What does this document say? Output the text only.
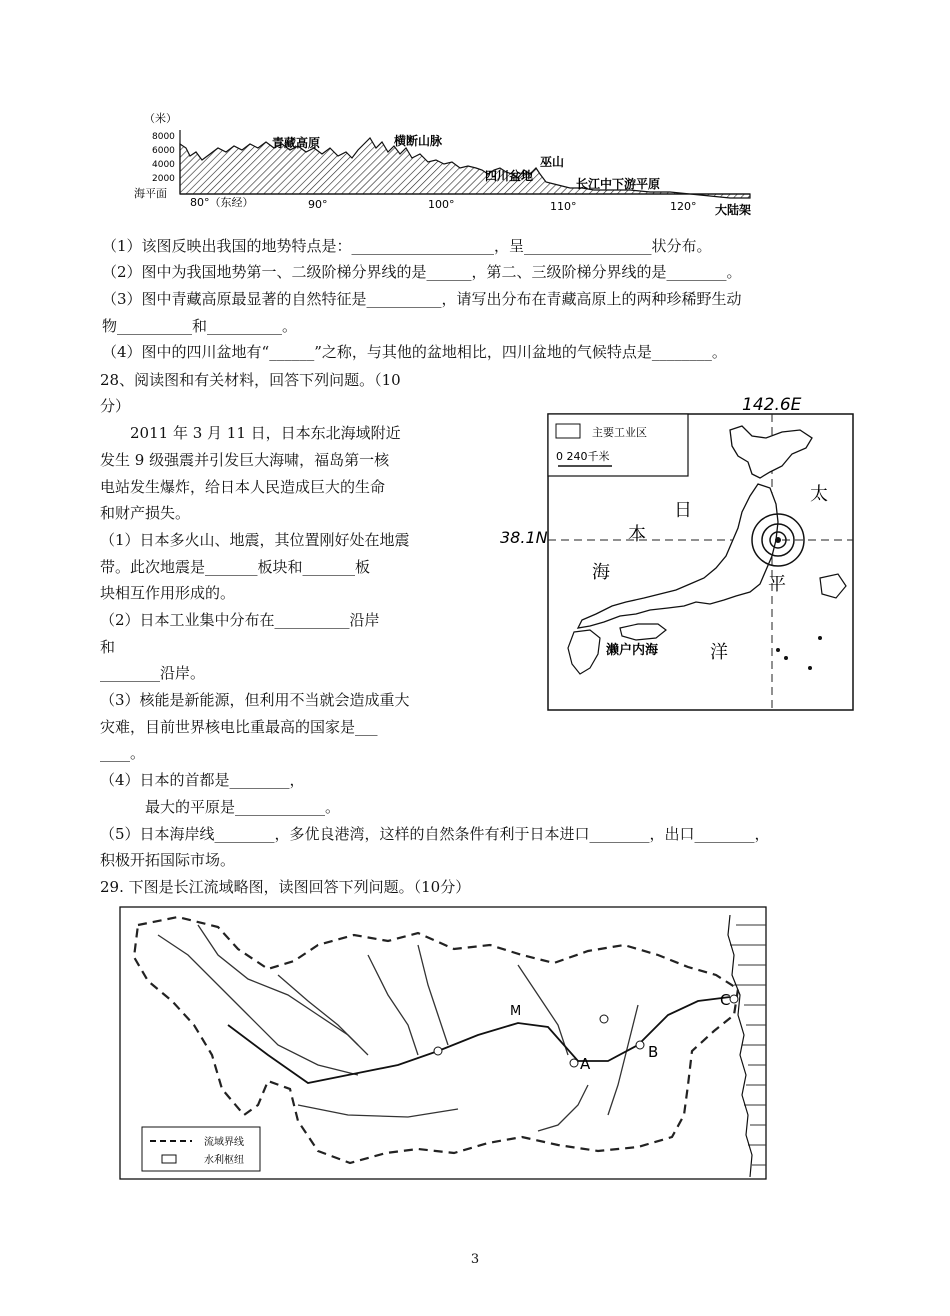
（米）
8000
6000
4000
2000
海平面
青藏高原	横断山脉
四川盆地
巫山
长江中下游平原
大陆架
80°（东经）	90°	100°	110°	120°
（1）该图反映出我国的地势特点是：___________________，呈_________________状分布。
（2）图中为我国地势第一、二级阶梯分界线的是______，第二、三级阶梯分界线的是________。
（3）图中青藏高原最显著的自然特征是__________，请写出分布在青藏高原上的两种珍稀野生动
物__________和__________。
（4）图中的四川盆地有“______”之称，与其他的盆地相比，四川盆地的气候特点是________。
28、阅读图和有关材料，回答下列问题。（10
分）
2011 年 3 月 11 日，日本东北海域附近
发生 9 级强震并引发巨大海啸，福岛第一核
电站发生爆炸，给日本人民造成巨大的生命
和财产损失。
（1）日本多火山、地震，其位置刚好处在地震
带。此次地震是_______板块和_______板
块相互作用形成的。
（2）日本工业集中分布在__________沿岸
和
________沿岸。
（3）核能是新能源，但利用不当就会造成重大
灾难，目前世界核电比重最高的国家是___
____。
（4）日本的首都是________，
最大的平原是____________。
（5）日本海岸线________，多优良港湾，这样的自然条件有利于日本进口________，出口________，
积极开拓国际市场。
142.6E
38.1N
主要工业区
0 240千米
日
本
海
太
平
洋
濑户内海
29. 下图是长江流域略图，读图回答下列问题。（10分）
M
A
B
C
流域界线
水利枢纽
3
